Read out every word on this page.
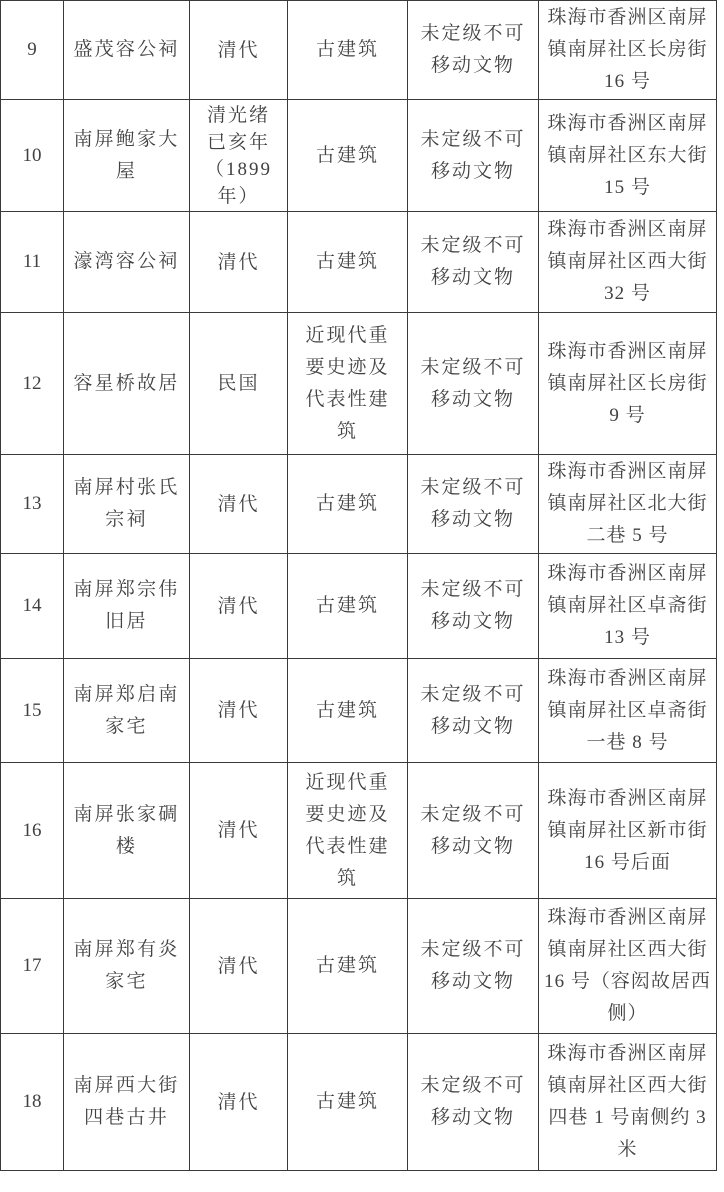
9	盛茂容公祠	清代	古建筑	未定级不可移动文物	珠海市香洲区南屏镇南屏社区长房街 16 号
10	南屏鲍家大屋	清光绪已亥年（1899年）	古建筑	未定级不可移动文物	珠海市香洲区南屏镇南屏社区东大街 15 号
11	濠湾容公祠	清代	古建筑	未定级不可移动文物	珠海市香洲区南屏镇南屏社区西大街 32 号
12	容星桥故居	民国	近现代重要史迹及代表性建筑	未定级不可移动文物	珠海市香洲区南屏镇南屏社区长房街 9 号
13	南屏村张氏宗祠	清代	古建筑	未定级不可移动文物	珠海市香洲区南屏镇南屏社区北大街二巷 5 号
14	南屏郑宗伟旧居	清代	古建筑	未定级不可移动文物	珠海市香洲区南屏镇南屏社区卓斋街 13 号
15	南屏郑启南家宅	清代	古建筑	未定级不可移动文物	珠海市香洲区南屏镇南屏社区卓斋街一巷 8 号
16	南屏张家碉楼	清代	近现代重要史迹及代表性建筑	未定级不可移动文物	珠海市香洲区南屏镇南屏社区新市街 16 号后面
17	南屏郑有炎家宅	清代	古建筑	未定级不可移动文物	珠海市香洲区南屏镇南屏社区西大街 16 号（容闳故居西侧）
18	南屏西大街四巷古井	清代	古建筑	未定级不可移动文物	珠海市香洲区南屏镇南屏社区西大街四巷 1 号南侧约 3 米
